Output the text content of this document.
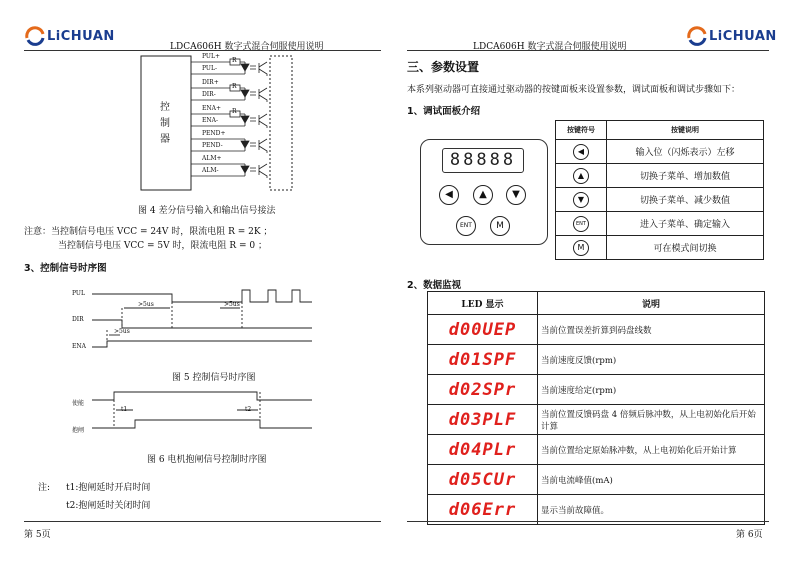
LiCHUAN
LDCA606H 数字式混合伺服使用说明
控
制
器
PUL+
PUL-
DIR+
DIR-
ENA+
ENA-
PEND+
PEND-
ALM+
ALM-
R
R
R
图 4 差分信号输入和输出信号接法
注意：当控制信号电压 VCC = 24V 时，限流电阻 R = 2K ；
当控制信号电压 VCC = 5V 时，限流电阻 R = 0 ；
3、控制信号时序图
PUL
DIR
ENA
>5us	>5us
>5us
图 5 控制信号时序图
使能
抱闸
t1	t2
图 6 电机抱闸信号控制时序图
注: t1:抱闸延时开启时间
t2:抱闸延时关闭时间
第 5页
LDCA606H 数字式混合伺服使用说明
LiCHUAN
三、参数设置
本系列驱动器可直接通过驱动器的按键面板来设置参数，调试面板和调试步骤如下：
1、调试面板介绍
88888
◀	▲	▼
ENT	M
按键符号	按键说明
◀	输入位（闪烁表示）左移
▲	切换子菜单、增加数值
▼	切换子菜单、减少数值
ENT	进入子菜单、确定输入
M	可在模式间切换
2、数据监视
LED 显示	说明
d00UEP	当前位置误差折算到码盘线数
d01SPF	当前速度反馈(rpm)
d02SPr	当前速度给定(rpm)
d03PLF	当前位置反馈码盘 4 倍频后脉冲数，从上电初始化后开始计算
d04PLr	当前位置给定原始脉冲数，从上电初始化后开始计算
d05CUr	当前电流峰值(mA)
d06Err	显示当前故障值。
第 6页
